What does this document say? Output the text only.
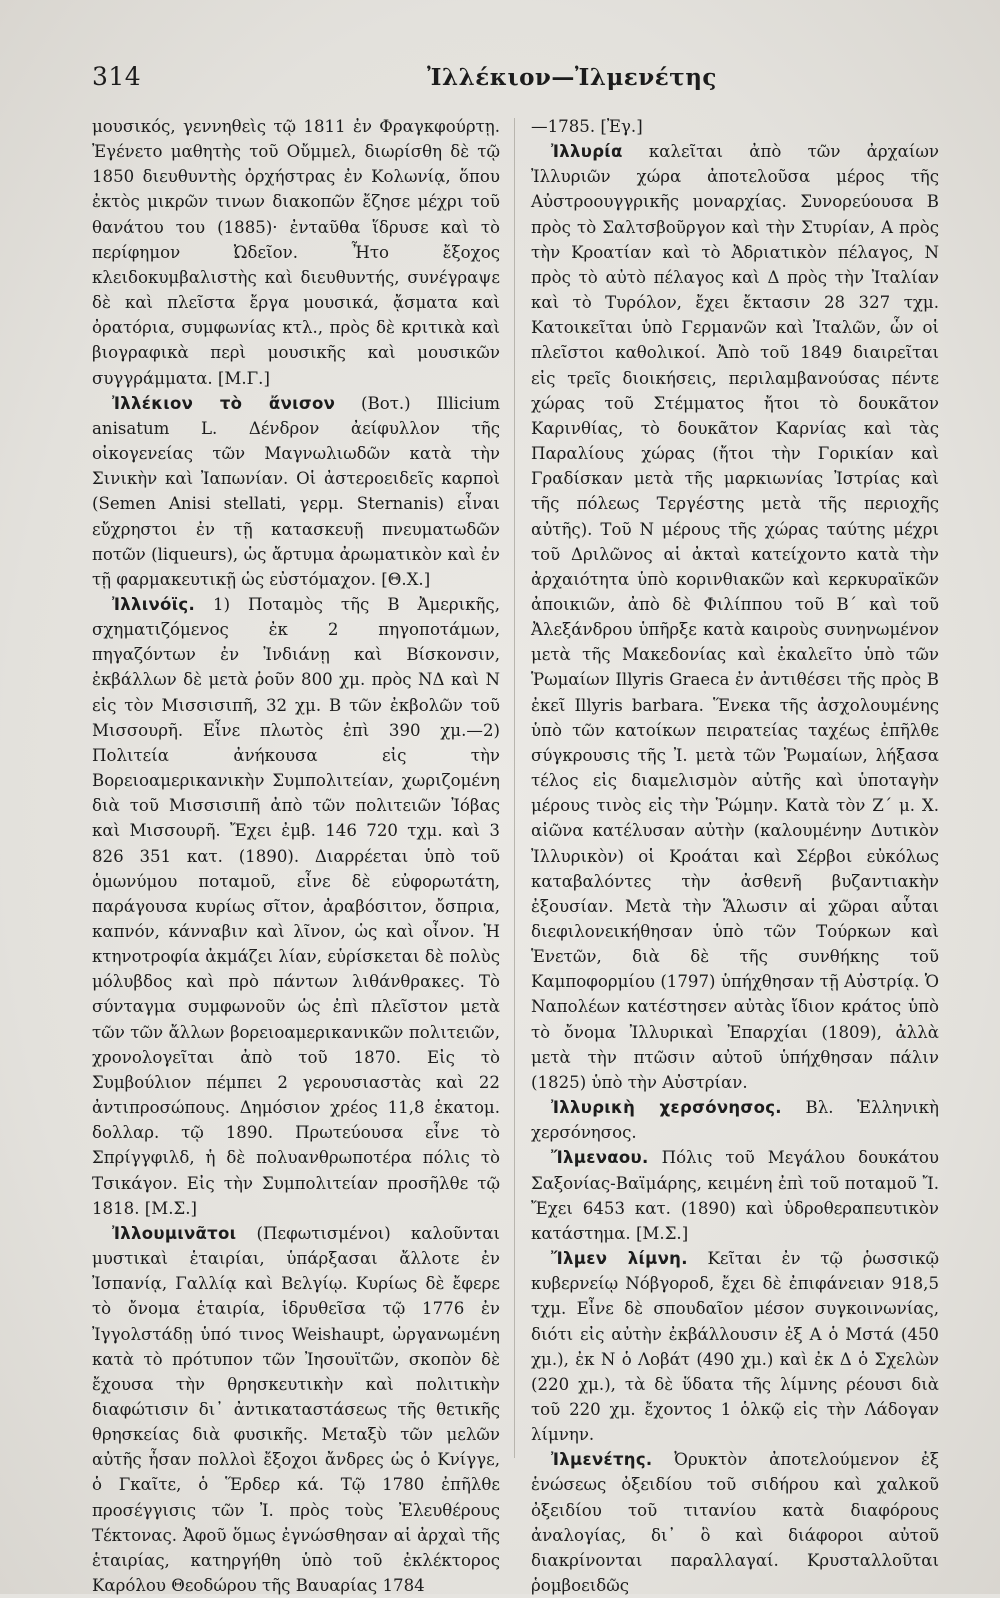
314	Ἰλλέκιον—Ἰλμενέτης

μουσικός, γεννηθεὶς τῷ 1811 ἐν Φραγκφούρτῃ. Ἐγένετο μαθητὴς τοῦ Οὔμμελ, διωρίσθη δὲ τῷ 1850 διευθυντὴς ὀρχήστρας ἐν Κολωνίᾳ, ὅπου ἐκτὸς μικρῶν τινων διακοπῶν ἔζησε μέχρι τοῦ θανάτου του (1885)· ἐνταῦθα ἵδρυσε καὶ τὸ περίφημον Ὠδεῖον. Ἦτο ἔξοχος κλειδοκυμβαλιστὴς καὶ διευθυντής, συνέγραψε δὲ καὶ πλεῖστα ἔργα μουσικά, ᾄσματα καὶ ὀρατόρια, συμφωνίας κτλ., πρὸς δὲ κριτικὰ καὶ βιογραφικὰ περὶ μουσικῆς καὶ μουσικῶν συγγράμματα. [Μ.Γ.]

Ἰλλέκιον τὸ ἄνισον (Βοτ.) Illicium anisatum L. Δένδρον ἀείφυλλον τῆς οἰκογενείας τῶν Μαγνωλιωδῶν κατὰ τὴν Σινικὴν καὶ Ἰαπωνίαν. Οἱ ἀστεροειδεῖς καρποὶ (Semen Anisi stellati, γερμ. Sternanis) εἶναι εὔχρηστοι ἐν τῇ κατασκευῇ πνευματωδῶν ποτῶν (liqueurs), ὡς ἄρτυμα ἀρωματικὸν καὶ ἐν τῇ φαρμακευτικῇ ὡς εὐστόμαχον. [Θ.Χ.]

Ἰλλινόϊς. 1) Ποταμὸς τῆς Β Ἀμερικῆς, σχηματιζόμενος ἐκ 2 πηγοποτάμων, πηγαζόντων ἐν Ἰνδιάνῃ καὶ Βίσκονσιν, ἐκβάλλων δὲ μετὰ ῥοῦν 800 χμ. πρὸς ΝΔ καὶ Ν εἰς τὸν Μισσισιπῆ, 32 χμ. Β τῶν ἐκβολῶν τοῦ Μισσουρῆ. Εἶνε πλωτὸς ἐπὶ 390 χμ.—2) Πολιτεία ἀνήκουσα εἰς τὴν Βορειοαμερικανικὴν Συμπολιτείαν, χωριζομένη διὰ τοῦ Μισσισιπῆ ἀπὸ τῶν πολιτειῶν Ἰόβας καὶ Μισσουρῆ. Ἔχει ἐμβ. 146 720 τχμ. καὶ 3 826 351 κατ. (1890). Διαρρέεται ὑπὸ τοῦ ὁμωνύμου ποταμοῦ, εἶνε δὲ εὐφορωτάτη, παράγουσα κυρίως σῖτον, ἀραβόσιτον, ὄσπρια, καπνόν, κάνναβιν καὶ λῖνον, ὡς καὶ οἶνον. Ἡ κτηνοτροφία ἀκμάζει λίαν, εὑρίσκεται δὲ πολὺς μόλυβδος καὶ πρὸ πάντων λιθάνθρακες. Τὸ σύνταγμα συμφωνοῦν ὡς ἐπὶ πλεῖστον μετὰ τῶν τῶν ἄλλων βορειοαμερικανικῶν πολιτειῶν, χρονολογεῖται ἀπὸ τοῦ 1870. Εἰς τὸ Συμβούλιον πέμπει 2 γερουσιαστὰς καὶ 22 ἀντιπροσώπους. Δημόσιον χρέος 11,8 ἑκατομ. δολλαρ. τῷ 1890. Πρωτεύουσα εἶνε τὸ Σπρίγγφιλδ, ἡ δὲ πολυανθρωποτέρα πόλις τὸ Τσικάγον. Εἰς τὴν Συμπολιτείαν προσῆλθε τῷ 1818. [Μ.Σ.]

Ἰλλουμινᾶτοι (Πεφωτισμένοι) καλοῦνται μυστικαὶ ἑταιρίαι, ὑπάρξασαι ἄλλοτε ἐν Ἰσπανίᾳ, Γαλλίᾳ καὶ Βελγίῳ. Κυρίως δὲ ἔφερε τὸ ὄνομα ἑταιρία, ἱδρυθεῖσα τῷ 1776 ἐν Ἰγγολστάδῃ ὑπό τινος Weishaupt, ὠργανωμένη κατὰ τὸ πρότυπον τῶν Ἰησουϊτῶν, σκοπὸν δὲ ἔχουσα τὴν θρησκευτικὴν καὶ πολιτικὴν διαφώτισιν δι᾽ ἀντικαταστάσεως τῆς θετικῆς θρησκείας διὰ φυσικῆς. Μεταξὺ τῶν μελῶν αὐτῆς ἦσαν πολλοὶ ἔξοχοι ἄνδρες ὡς ὁ Κνίγγε, ὁ Γκαῖτε, ὁ Ἕρδερ κά. Τῷ 1780 ἐπῆλθε προσέγγισις τῶν Ἰ. πρὸς τοὺς Ἐλευθέρους Τέκτονας. Ἀφοῦ ὅμως ἐγνώσθησαν αἱ ἀρχαὶ τῆς ἑταιρίας, κατηργήθη ὑπὸ τοῦ ἐκλέκτορος Καρόλου Θεοδώρου τῆς Βαυαρίας 1784

—1785. [Ἐγ.]

Ἰλλυρία καλεῖται ἀπὸ τῶν ἀρχαίων Ἰλλυριῶν χώρα ἀποτελοῦσα μέρος τῆς Αὐστροουγγρικῆς μοναρχίας. Συνορεύουσα Β πρὸς τὸ Σαλτσβοῦργον καὶ τὴν Στυρίαν, Α πρὸς τὴν Κροατίαν καὶ τὸ Ἀδριατικὸν πέλαγος, Ν πρὸς τὸ αὐτὸ πέλαγος καὶ Δ πρὸς τὴν Ἰταλίαν καὶ τὸ Τυρόλον, ἔχει ἔκτασιν 28 327 τχμ. Κατοικεῖται ὑπὸ Γερμανῶν καὶ Ἰταλῶν, ὧν οἱ πλεῖστοι καθολικοί. Ἀπὸ τοῦ 1849 διαιρεῖται εἰς τρεῖς διοικήσεις, περιλαμβανούσας πέντε χώρας τοῦ Στέμματος ἤτοι τὸ δουκᾶτον Καρινθίας, τὸ δουκᾶτον Καρνίας καὶ τὰς Παραλίους χώρας (ἤτοι τὴν Γορικίαν καὶ Γραδίσκαν μετὰ τῆς μαρκιωνίας Ἰστρίας καὶ τῆς πόλεως Τεργέστης μετὰ τῆς περιοχῆς αὐτῆς). Τοῦ Ν μέρους τῆς χώρας ταύτης μέχρι τοῦ Δριλῶνος αἱ ἀκταὶ κατείχοντο κατὰ τὴν ἀρχαιότητα ὑπὸ κορινθιακῶν καὶ κερκυραϊκῶν ἀποικιῶν, ἀπὸ δὲ Φιλίππου τοῦ Β΄ καὶ τοῦ Ἀλεξάνδρου ὑπῆρξε κατὰ καιροὺς συνηνωμένον μετὰ τῆς Μακεδονίας καὶ ἐκαλεῖτο ὑπὸ τῶν Ῥωμαίων Illyris Graeca ἐν ἀντιθέσει τῆς πρὸς Β ἐκεῖ Illyris barbara. Ἕνεκα τῆς ἀσχολουμένης ὑπὸ τῶν κατοίκων πειρατείας ταχέως ἐπῆλθε σύγκρουσις τῆς Ἰ. μετὰ τῶν Ῥωμαίων, λήξασα τέλος εἰς διαμελισμὸν αὐτῆς καὶ ὑποταγὴν μέρους τινὸς εἰς τὴν Ῥώμην. Κατὰ τὸν Ζ΄ μ. Χ. αἰῶνα κατέλυσαν αὐτὴν (καλουμένην Δυτικὸν Ἰλλυρικὸν) οἱ Κροάται καὶ Σέρβοι εὐκόλως καταβαλόντες τὴν ἀσθενῆ βυζαντιακὴν ἐξουσίαν. Μετὰ τὴν Ἅλωσιν αἱ χῶραι αὗται διεφιλονεικήθησαν ὑπὸ τῶν Τούρκων καὶ Ἑνετῶν, διὰ δὲ τῆς συνθήκης τοῦ Καμποφορμίου (1797) ὑπήχθησαν τῇ Αὐστρίᾳ. Ὁ Ναπολέων κατέστησεν αὐτὰς ἴδιον κράτος ὑπὸ τὸ ὄνομα Ἰλλυρικαὶ Ἐπαρχίαι (1809), ἀλλὰ μετὰ τὴν πτῶσιν αὐτοῦ ὑπήχθησαν πάλιν (1825) ὑπὸ τὴν Αὐστρίαν.

Ἰλλυρικὴ χερσόνησος. Βλ. Ἑλληνικὴ χερσόνησος.

Ἴλμεναου. Πόλις τοῦ Μεγάλου δουκάτου Σαξονίας-Βαϊμάρης, κειμένη ἐπὶ τοῦ ποταμοῦ Ἴ. Ἔχει 6453 κατ. (1890) καὶ ὑδροθεραπευτικὸν κατάστημα. [Μ.Σ.]

Ἴλμεν λίμνη. Κεῖται ἐν τῷ ῥωσσικῷ κυβερνείῳ Νόβγοροδ, ἔχει δὲ ἐπιφάνειαν 918,5 τχμ. Εἶνε δὲ σπουδαῖον μέσον συγκοινωνίας, διότι εἰς αὐτὴν ἐκβάλλουσιν ἐξ Α ὁ Μστά (450 χμ.), ἐκ Ν ὁ Λοβάτ (490 χμ.) καὶ ἐκ Δ ὁ Σχελὼν (220 χμ.), τὰ δὲ ὕδατα τῆς λίμνης ρέουσι διὰ τοῦ 220 χμ. ἔχοντος 1 ὁλκῷ εἰς τὴν Λάδογαν λίμνην.

Ἰλμενέτης. Ὀρυκτὸν ἀποτελούμενον ἐξ ἑνώσεως ὀξειδίου τοῦ σιδήρου καὶ χαλκοῦ ὀξειδίου τοῦ τιτανίου κατὰ διαφόρους ἀναλογίας, δι᾽ ὃ καὶ διάφοροι αὐτοῦ διακρίνονται παραλλαγαί. Κρυσταλλοῦται ῥομβοειδῶς
